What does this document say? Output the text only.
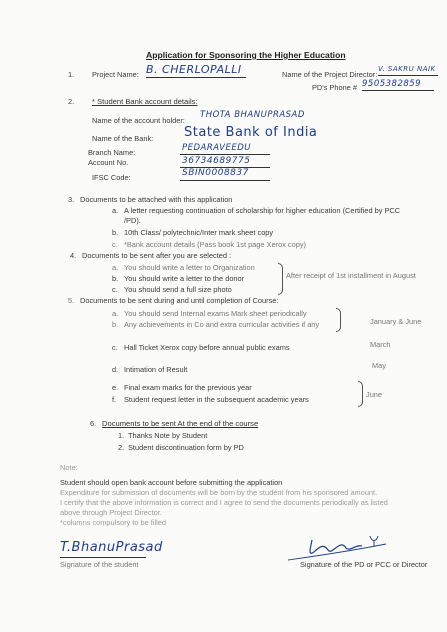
Application for Sponsoring the Higher Education
1. Project Name: B. CHERLOPALLI	Name of the Project Director:
V. SAKRU NAIK
PD's Phone # 9505382859
2. * Student Bank account details:
Name of the account holder:
THOTA BHANUPRASAD
Name of the Bank: State Bank of India
Branch Name:	PEDARAVEEDU
Account No.	36734689775
IFSC Code:	SBIN0008837
3. Documents to be attached with this application
a. A letter requesting continuation of scholarship for higher education (Certified by PCC
/PD).
b. 10th Class/ polytechnic/Inter mark sheet copy
c. *Bank account details (Pass book 1st page Xerox copy)
4. Documents to be sent after you are selected :
a. You should write a letter to Organization
b. You should write a letter to the donor
c. You should send a full size photo
After receipt of 1st installment in August
5. Documents to be sent during and until completion of Course:
a. You should send Internal exams Mark sheet periodically
b. Any achievements in Co and extra curricular activities if any	January & June
c. Hall Ticket Xerox copy before annual public exams	March
d. Intimation of Result	May
e. Final exam marks for the previous year
f. Student request letter in the subsequent academic years
June
6. Documents to be sent At the end of the course
1. Thanks Note by Student
2. Student discontinuation form by PD
Note:
Student should open bank account before submitting the application
Expenditure for submission of documents will be born by the student from his sponsored amount.
I certify that the above information is correct and I agree to send the documents periodically as listed
above through Project Director.
*columns compulsory to be filled
T.BhanuPrasad
Signature of the student	Signature of the PD or PCC or Director
